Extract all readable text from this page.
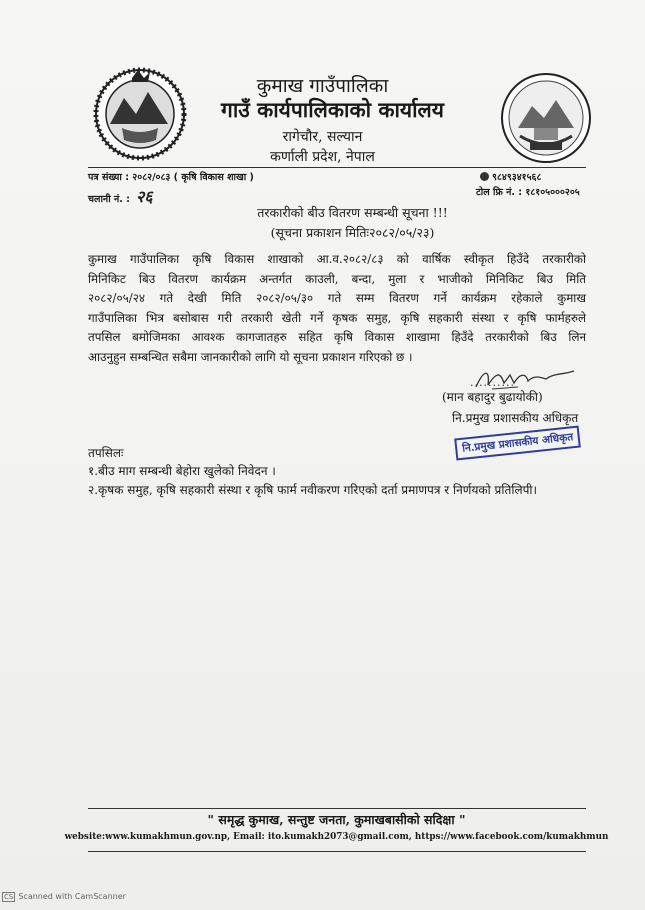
कुमाख गाउँपालिका
गाउँ कार्यपालिकाको कार्यालय
रागेचौर, सल्यान
कर्णाली प्रदेश, नेपाल
पत्र संख्या : २०८२/०८३ ( कृषि विकास शाखा )
चलानी नं. : २६
९८४९३४१५६८
टोल फ्रि नं. : १८१०५०००२०५
तरकारीको बीउ वितरण सम्बन्धी सूचना !!!
(सूचना प्रकाशन मितिः२०८२/०५/२३)

कुमाख गाउँपालिका कृषि विकास शाखाको आ.व.२०८२/८३ को वार्षिक स्वीकृत हिउँदे तरकारीको

मिनिकिट बिउ वितरण कार्यक्रम अन्तर्गत काउली, बन्दा, मुला र भाजीको मिनिकिट बिउ मिति

२०८२/०५/२४ गते देखी मिति २०८२/०५/३० गते सम्म वितरण गर्ने कार्यक्रम रहेकाले कुमाख

गाउँपालिका भित्र बसोबास गरी तरकारी खेती गर्ने कृषक समुह, कृषि सहकारी संस्था र कृषि फार्महरुले

तपसिल बमोजिमका आवश्क कागजातहरु सहित कृषि विकास शाखामा हिउँदे तरकारीको बिउ लिन

आउनुहुन सम्बन्धित सबैमा जानकारीको लागि यो सूचना प्रकाशन गरिएको छ ।

..........
(मान बहादुर बुढायोकी)
नि.प्रमुख प्रशासकीय अधिकृत
नि.प्रमुख प्रशासकीय अधिकृत
तपसिलः
१.बीउ माग सम्बन्धी बेहोरा खुलेको निवेदन ।
२.कृषक समुह, कृषि सहकारी संस्था र कृषि फार्म नवीकरण गरिएको दर्ता प्रमाणपत्र र निर्णयको प्रतिलिपी।
" समृद्ध कुमाख, सन्तुष्ट जनता, कुमाखबासीको सदिक्षा "
website:www.kumakhmun.gov.np, Email: ito.kumakh2073@gmail.com, https://www.facebook.com/kumakhmun
CS Scanned with CamScanner
